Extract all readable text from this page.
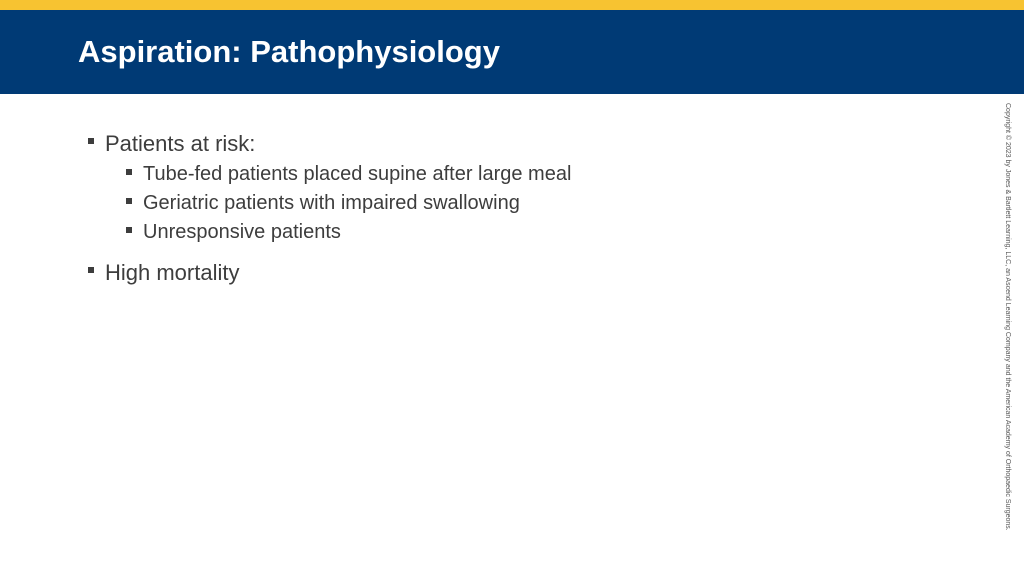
Aspiration: Pathophysiology
Patients at risk:
Tube-fed patients placed supine after large meal
Geriatric patients with impaired swallowing
Unresponsive patients
High mortality	Copyright © 2023 by Jones & Bartlett Learning, LLC, an Ascend Learning Company and the American Academy of Orthopaedic Surgeons.
